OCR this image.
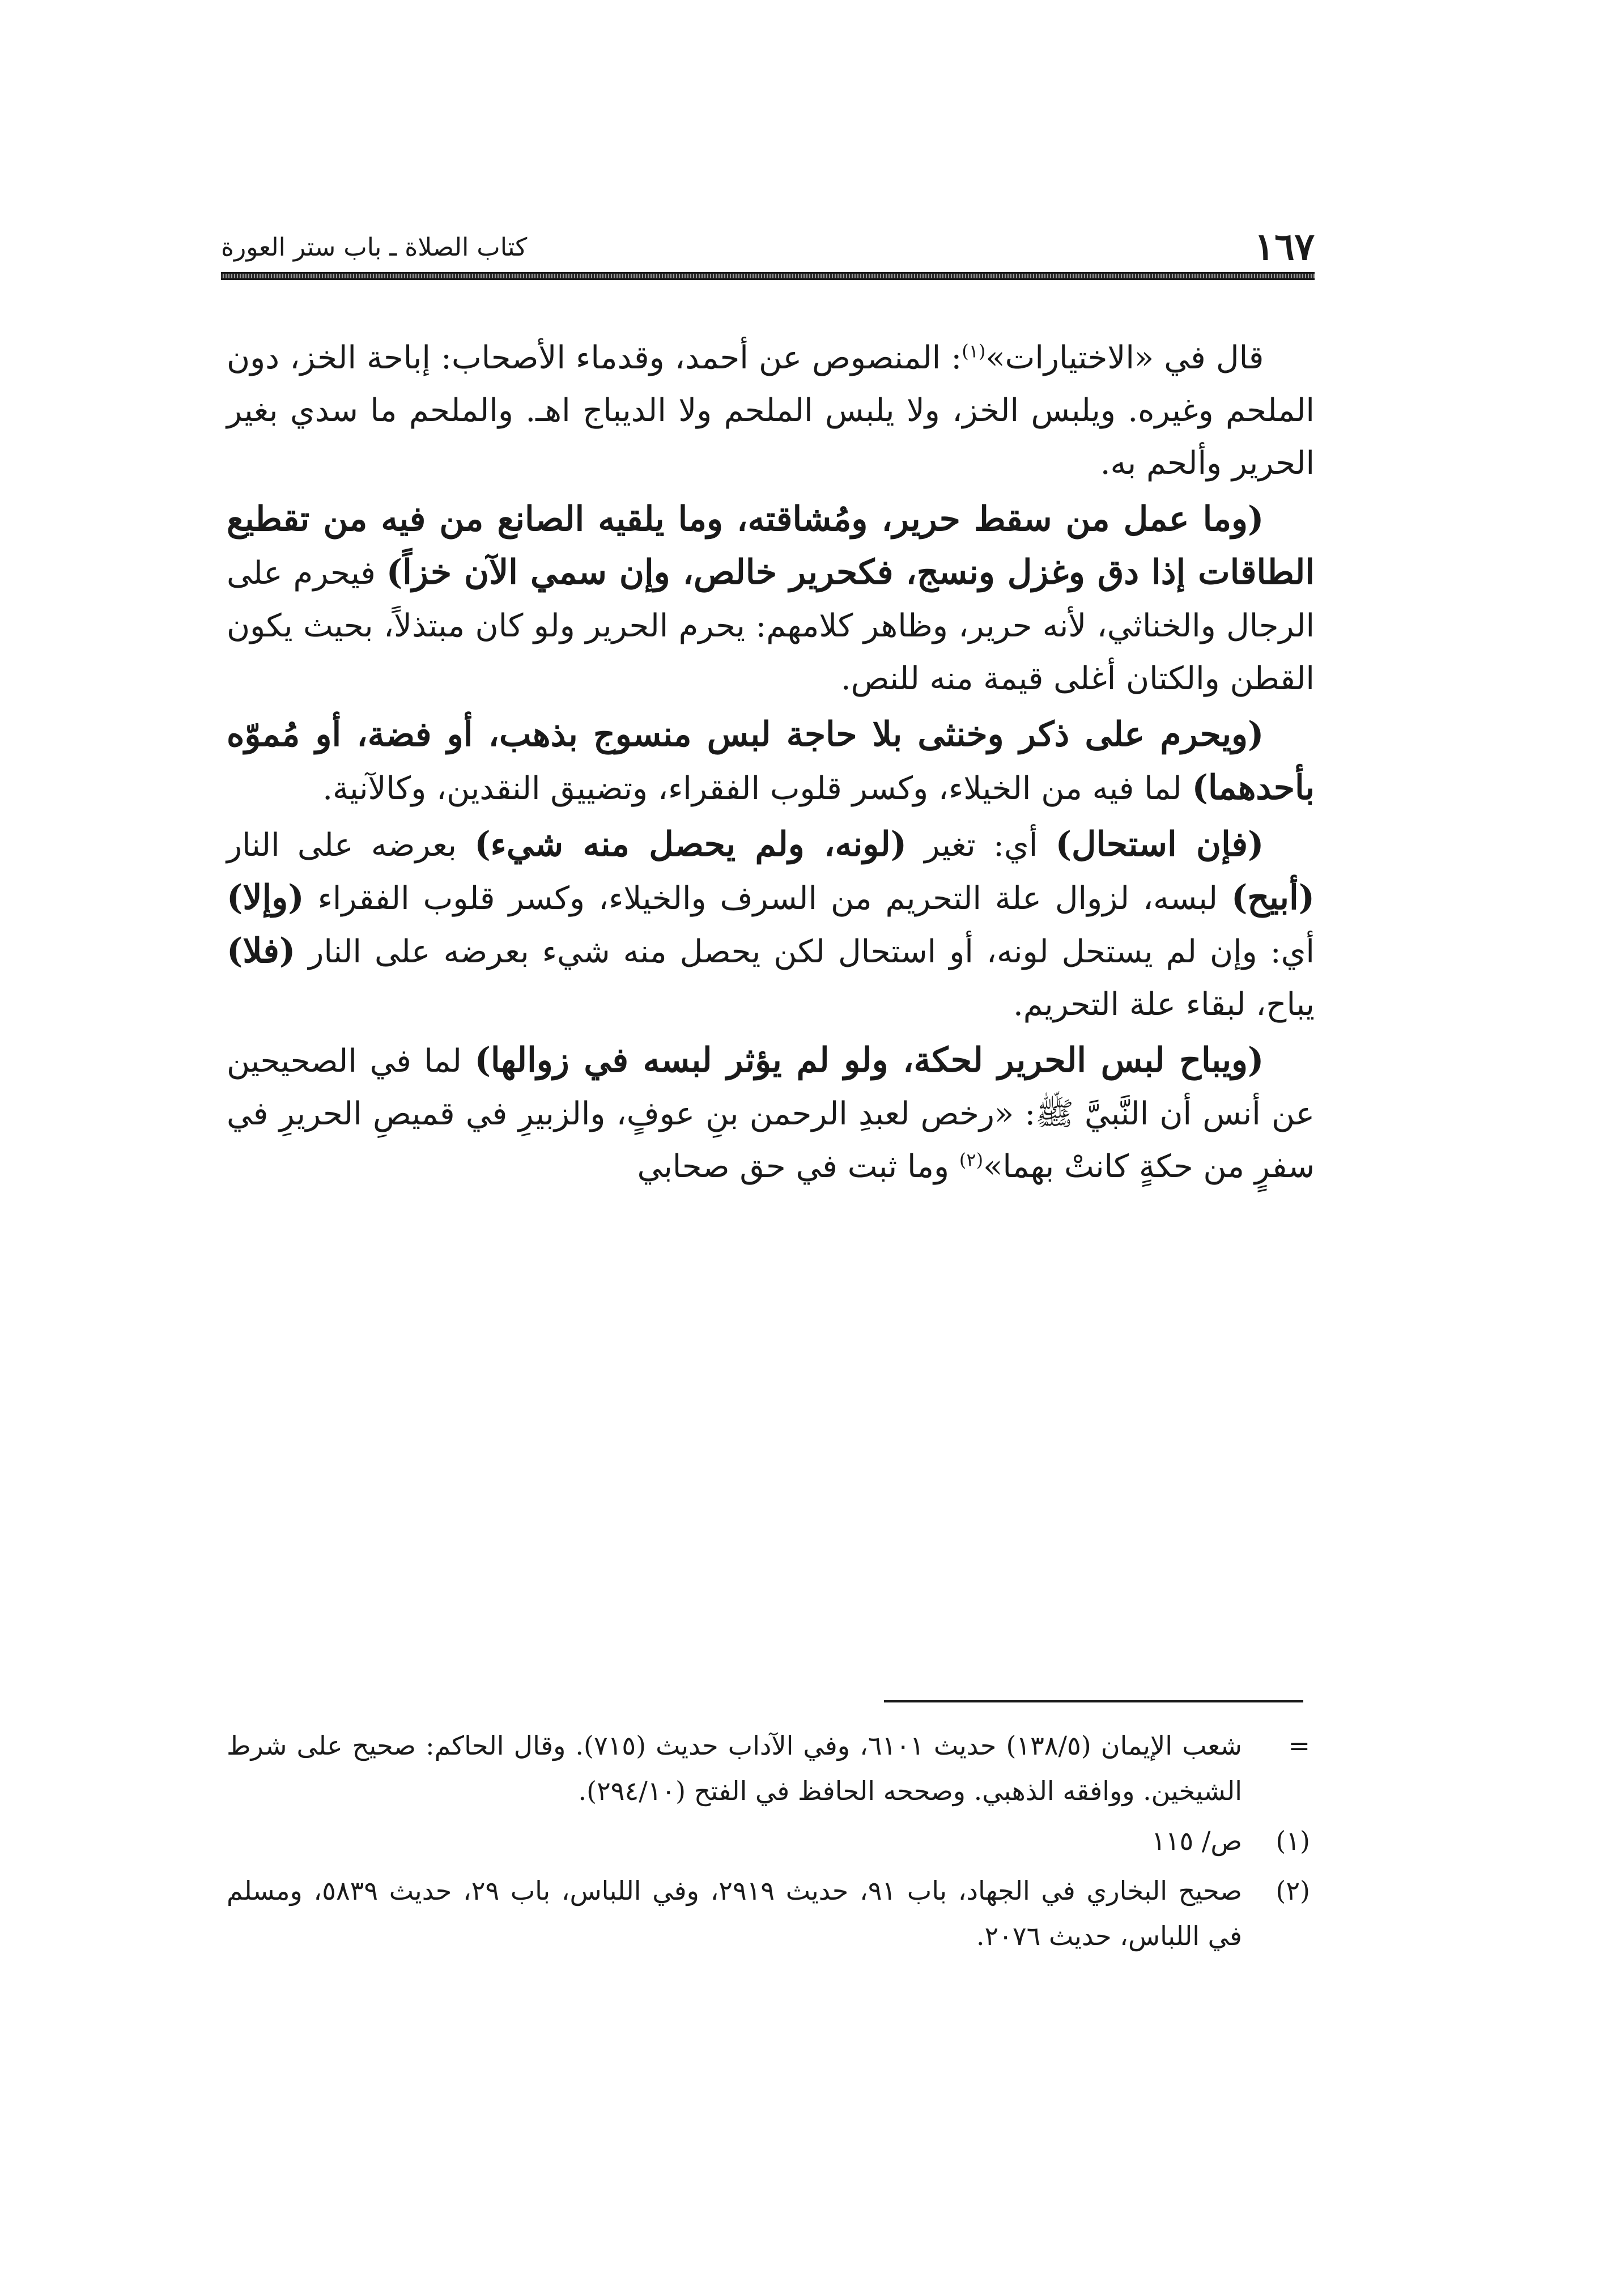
١٦٧
كتاب الصلاة ـ باب ستر العورة

قال في «الاختيارات»$^{(١)}$: المنصوص عن أحمد، وقدماء الأصحاب: إباحة الخز، دون الملحم وغيره. ويلبس الخز، ولا يلبس الملحم ولا الديباج اهـ. والملحم ما سدي بغير الحرير وألحم به.

(وما عمل من سقط حرير، ومُشاقته، وما يلقيه الصانع من فيه من تقطيع الطاقات إذا دق وغزل ونسج، فكحرير خالص، وإن سمي الآن خزاً) فيحرم على الرجال والخناثي، لأنه حرير، وظاهر كلامهم: يحرم الحرير ولو كان مبتذلاً، بحيث يكون القطن والكتان أغلى قيمة منه للنص.

(ويحرم على ذكر وخنثى بلا حاجة لبس منسوج بذهب، أو فضة، أو مُموّه بأحدهما) لما فيه من الخيلاء، وكسر قلوب الفقراء، وتضييق النقدين، وكالآنية.

(فإن استحال) أي: تغير (لونه، ولم يحصل منه شيء) بعرضه على النار (أبيح) لبسه، لزوال علة التحريم من السرف والخيلاء، وكسر قلوب الفقراء (وإلا) أي: وإن لم يستحل لونه، أو استحال لكن يحصل منه شيء بعرضه على النار (فلا) يباح، لبقاء علة التحريم.

(ويباح لبس الحرير لحكة، ولو لم يؤثر لبسه في زوالها) لما في الصحيحين عن أنس أن النَّبيَّ ﷺ: «رخص لعبدِ الرحمن بنِ عوفٍ، والزبيرِ في قميصِ الحريرِ في سفرٍ من حكةٍ كانتْ بهما»$^{(٢)}$ وما ثبت في حق صحابي

=
شعب الإيمان (١٣٨/٥) حديث ٦١٠١، وفي الآداب حديث (٧١٥). وقال الحاكم: صحيح على شرط الشيخين. ووافقه الذهبي. وصححه الحافظ في الفتح (٢٩٤/١٠).
(١)
ص/ ١١٥
(٢)
صحيح البخاري في الجهاد، باب ٩١، حديث ٢٩١٩، وفي اللباس، باب ٢٩، حديث ٥٨٣٩، ومسلم في اللباس، حديث ٢٠٧٦.
